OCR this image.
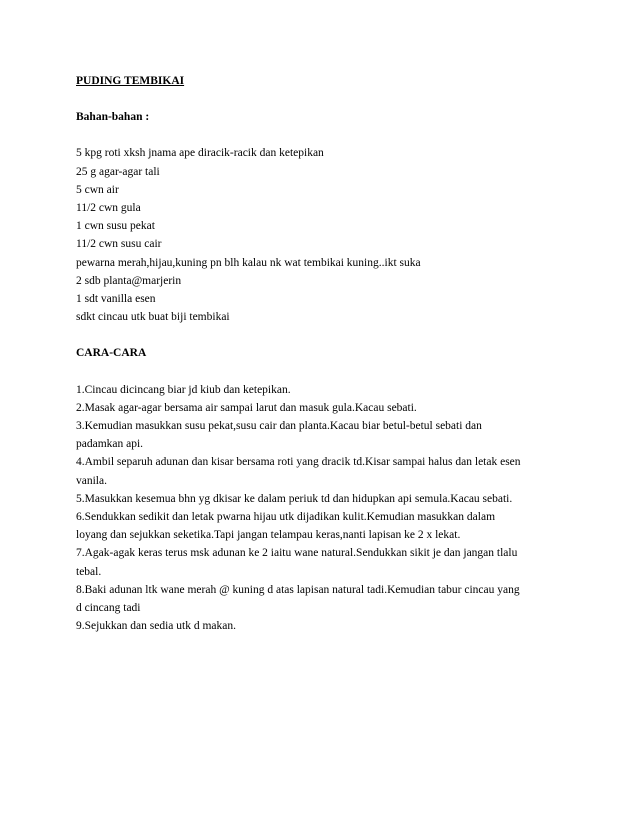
PUDING TEMBIKAI

Bahan-bahan :

5 kpg roti xksh jnama ape diracik-racik dan ketepikan
25 g agar-agar tali
5 cwn air
11/2 cwn gula
1 cwn susu pekat
11/2 cwn susu cair
pewarna merah,hijau,kuning pn blh kalau nk wat tembikai kuning..ikt suka
2 sdb planta@marjerin
1 sdt vanilla esen
sdkt cincau utk buat biji tembikai

CARA-CARA

1.Cincau dicincang biar jd kiub dan ketepikan.
2.Masak agar-agar bersama air sampai larut dan masuk gula.Kacau sebati.
3.Kemudian masukkan susu pekat,susu cair dan planta.Kacau biar betul-betul sebati dan
padamkan api.
4.Ambil separuh adunan dan kisar bersama roti yang dracik td.Kisar sampai halus dan letak esen
vanila.
5.Masukkan kesemua bhn yg dkisar ke dalam periuk td dan hidupkan api semula.Kacau sebati.
6.Sendukkan sedikit dan letak pwarna hijau utk dijadikan kulit.Kemudian masukkan dalam
loyang dan sejukkan seketika.Tapi jangan telampau keras,nanti lapisan ke 2 x lekat.
7.Agak-agak keras terus msk adunan ke 2 iaitu wane natural.Sendukkan sikit je dan jangan tlalu
tebal.
8.Baki adunan ltk wane merah @ kuning d atas lapisan natural tadi.Kemudian tabur cincau yang
d cincang tadi
9.Sejukkan dan sedia utk d makan.
